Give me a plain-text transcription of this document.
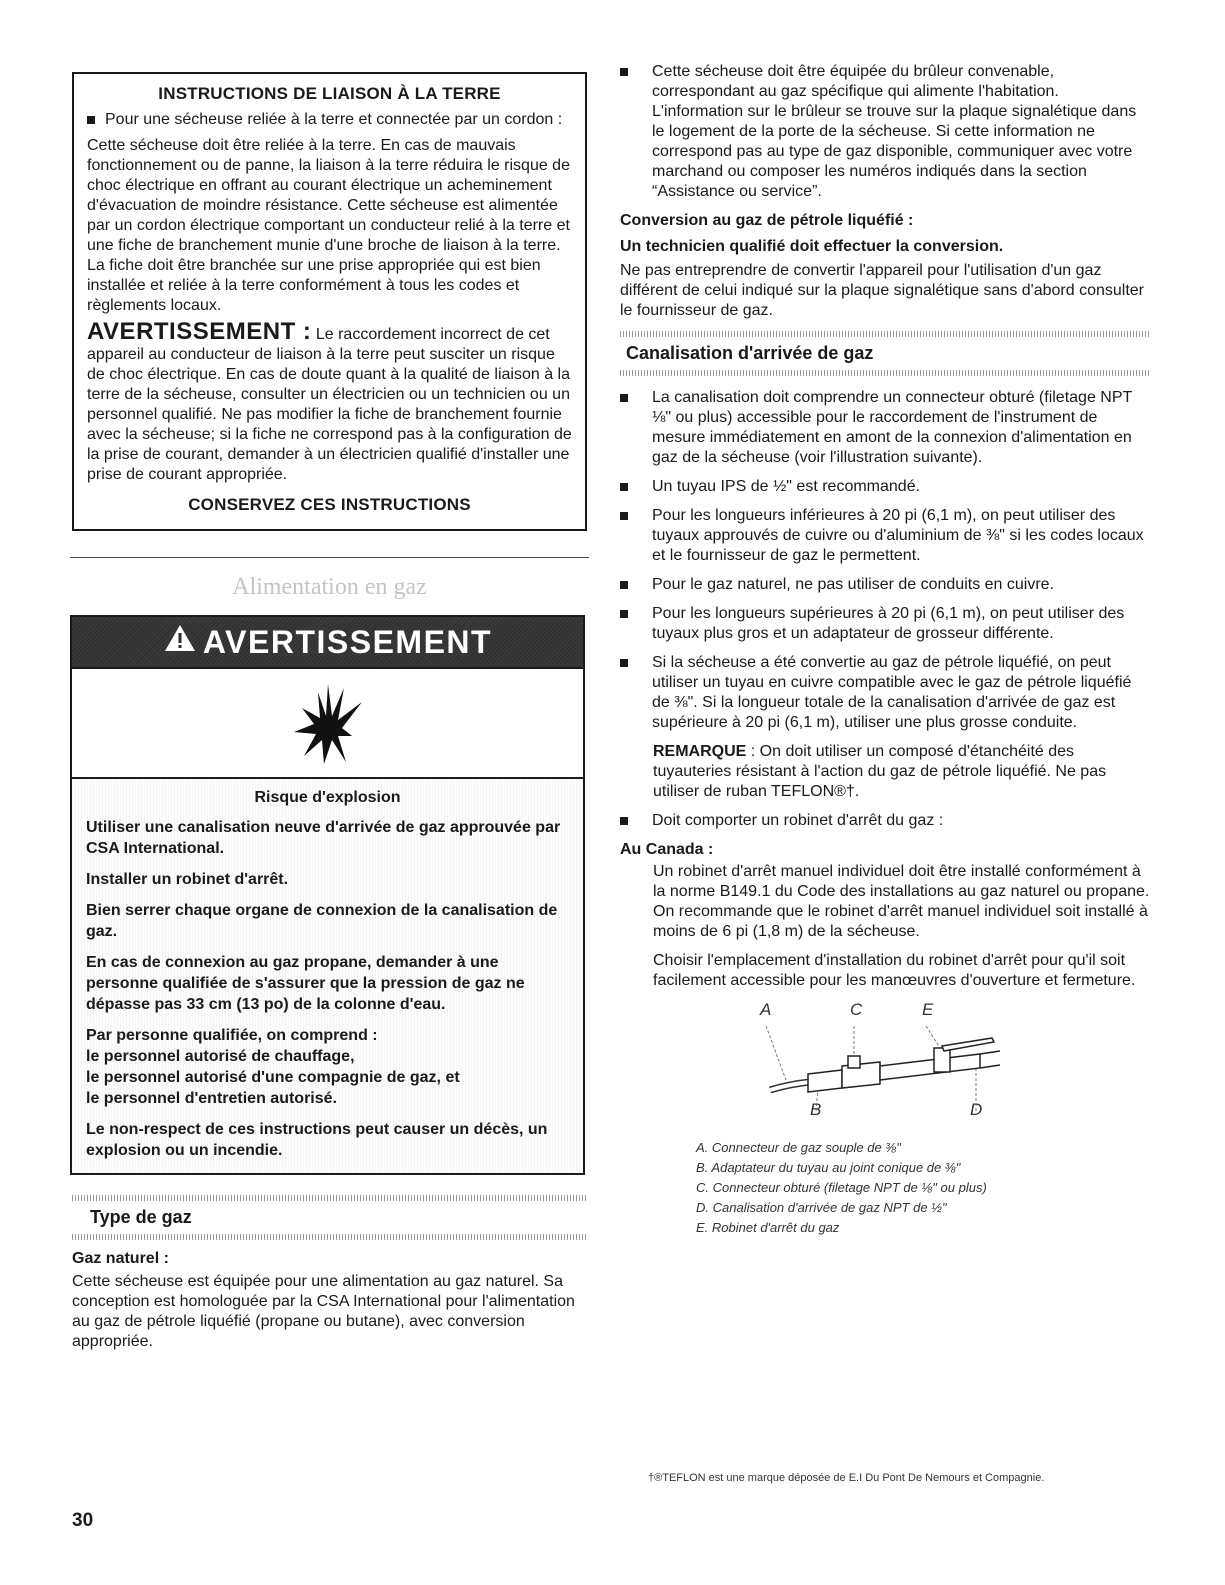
INSTRUCTIONS DE LIAISON À LA TERRE
Pour une sécheuse reliée à la terre et connectée par un cordon :

Cette sécheuse doit être reliée à la terre. En cas de mauvais fonctionnement ou de panne, la liaison à la terre réduira le risque de choc électrique en offrant au courant électrique un acheminement d'évacuation de moindre résistance. Cette sécheuse est alimentée par un cordon électrique comportant un conducteur relié à la terre et une fiche de branchement munie d'une broche de liaison à la terre. La fiche doit être branchée sur une prise appropriée qui est bien installée et reliée à la terre conformément à tous les codes et règlements locaux.

AVERTISSEMENT : Le raccordement incorrect de cet appareil au conducteur de liaison à la terre peut susciter un risque de choc électrique. En cas de doute quant à la qualité de liaison à la terre de la sécheuse, consulter un électricien ou un technicien ou un personnel qualifié. Ne pas modifier la fiche de branchement fournie avec la sécheuse; si la fiche ne correspond pas à la configuration de la prise de courant, demander à un électricien qualifié d'installer une prise de courant appropriée.

CONSERVEZ CES INSTRUCTIONS
Alimentation en gaz
AVERTISSEMENT
Risque d'explosion

Utiliser une canalisation neuve d'arrivée de gaz approuvée par CSA International.

Installer un robinet d'arrêt.

Bien serrer chaque organe de connexion de la canalisation de gaz.

En cas de connexion au gaz propane, demander à une personne qualifiée de s'assurer que la pression de gaz ne dépasse pas 33 cm (13 po) de la colonne d'eau.

Par personne qualifiée, on comprend :
le personnel autorisé de chauffage,
le personnel autorisé d'une compagnie de gaz, et
le personnel d'entretien autorisé.

Le non-respect de ces instructions peut causer un décès, un explosion ou un incendie.

Type de gaz
Gaz naturel :

Cette sécheuse est équipée pour une alimentation au gaz naturel. Sa conception est homologuée par la CSA International pour l'alimentation au gaz de pétrole liquéfié (propane ou butane), avec conversion appropriée.

Cette sécheuse doit être équipée du brûleur convenable, correspondant au gaz spécifique qui alimente l'habitation. L'information sur le brûleur se trouve sur la plaque signalétique dans le logement de la porte de la sécheuse. Si cette information ne correspond pas au type de gaz disponible, communiquer avec votre marchand ou composer les numéros indiqués dans la section “Assistance ou service”.
Conversion au gaz de pétrole liquéfié :
Un technicien qualifié doit effectuer la conversion.

Ne pas entreprendre de convertir l'appareil pour l'utilisation d'un gaz différent de celui indiqué sur la plaque signalétique sans d'abord consulter le fournisseur de gaz.

Canalisation d'arrivée de gaz
La canalisation doit comprendre un connecteur obturé (filetage NPT ⅛" ou plus) accessible pour le raccordement de l'instrument de mesure immédiatement en amont de la connexion d'alimentation en gaz de la sécheuse (voir l'illustration suivante).
Un tuyau IPS de ½" est recommandé.
Pour les longueurs inférieures à 20 pi (6,1 m), on peut utiliser des tuyaux approuvés de cuivre ou d'aluminium de ⅜" si les codes locaux et le fournisseur de gaz le permettent.
Pour le gaz naturel, ne pas utiliser de conduits en cuivre.
Pour les longueurs supérieures à 20 pi (6,1 m), on peut utiliser des tuyaux plus gros et un adaptateur de grosseur différente.
Si la sécheuse a été convertie au gaz de pétrole liquéfié, on peut utiliser un tuyau en cuivre compatible avec le gaz de pétrole liquéfié de ⅜". Si la longueur totale de la canalisation d'arrivée de gaz est supérieure à 20 pi (6,1 m), utiliser une plus grosse conduite.

REMARQUE : On doit utiliser un composé d'étanchéité des tuyauteries résistant à l'action du gaz de pétrole liquéfié. Ne pas utiliser de ruban TEFLON®†.

Doit comporter un robinet d'arrêt du gaz :
Au Canada :

Un robinet d'arrêt manuel individuel doit être installé conformément à la norme B149.1 du Code des installations au gaz naturel ou propane. On recommande que le robinet d'arrêt manuel individuel soit installé à moins de 6 pi (1,8 m) de la sécheuse.

Choisir l'emplacement d'installation du robinet d'arrêt pour qu'il soit facilement accessible pour les manœuvres d'ouverture et fermeture.

A	C	E
B	D
A. Connecteur de gaz souple de ⅜"
B. Adaptateur du tuyau au joint conique de ⅜"
C. Connecteur obturé (filetage NPT de ⅛" ou plus)
D. Canalisation d'arrivée de gaz NPT de ½"
E. Robinet d'arrêt du gaz
†®TEFLON est une marque déposée de E.I Du Pont De Nemours et Compagnie.
30
